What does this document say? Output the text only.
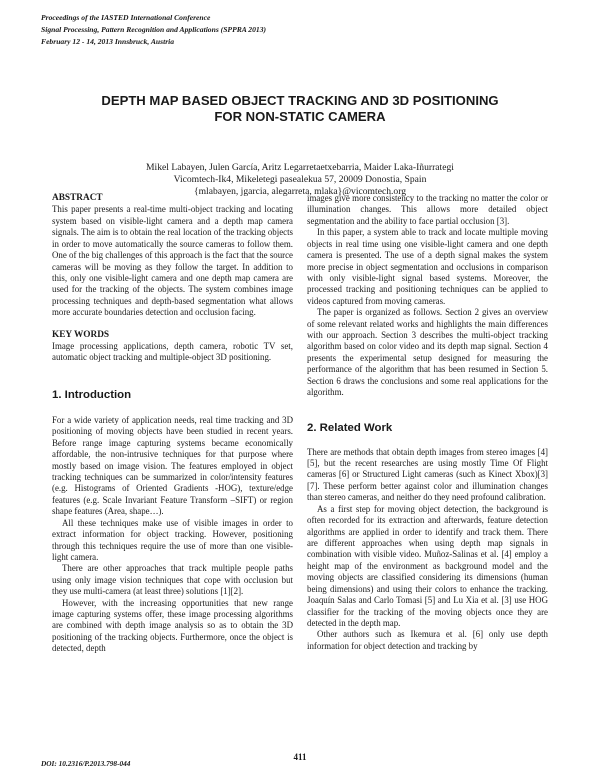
Proceedings of the IASTED International Conference
Signal Processing, Pattern Recognition and Applications (SPPRA 2013)
February 12 - 14, 2013 Innsbruck, Austria
DEPTH MAP BASED OBJECT TRACKING AND 3D POSITIONING
FOR NON-STATIC CAMERA
Mikel Labayen, Julen García, Aritz Legarretaetxebarria, Maider Laka-Iñurrategi
Vicomtech-Ik4, Mikeletegi pasealekua 57, 20009 Donostia, Spain
{mlabayen, jgarcia, alegarreta, mlaka}@vicomtech.org

ABSTRACT

This paper presents a real-time multi-object tracking and locating system based on visible-light camera and a depth map camera signals. The aim is to obtain the real location of the tracking objects in order to move automatically the source cameras to follow them. One of the big challenges of this approach is the fact that the source cameras will be moving as they follow the target. In addition to this, only one visible-light camera and one depth map camera are used for the tracking of the objects. The system combines image processing techniques and depth-based segmentation what allows more accurate boundaries detection and occlusion facing.

KEY WORDS

Image processing applications, depth camera, robotic TV set, automatic object tracking and multiple-object 3D positioning.

1. Introduction

For a wide variety of application needs, real time tracking and 3D positioning of moving objects have been studied in recent years. Before range image capturing systems became economically affordable, the non-intrusive techniques for that purpose where mostly based on image vision. The features employed in object tracking techniques can be summarized in color/intensity features (e.g. Histograms of Oriented Gradients -HOG), texture/edge features (e.g. Scale Invariant Feature Transform –SIFT) or region shape features (Area, shape…).

All these techniques make use of visible images in order to extract information for object tracking. However, positioning through this techniques require the use of more than one visible-light camera.

There are other approaches that track multiple people paths using only image vision techniques that cope with occlusion but they use multi-camera (at least three) solutions [1][2].

However, with the increasing opportunities that new range image capturing systems offer, these image processing algorithms are combined with depth image analysis so as to obtain the 3D positioning of the tracking objects. Furthermore, once the object is detected, depth

images give more consistency to the tracking no matter the color or illumination changes. This allows more detailed object segmentation and the ability to face partial occlusion [3].

In this paper, a system able to track and locate multiple moving objects in real time using one visible-light camera and one depth camera is presented. The use of a depth signal makes the system more precise in object segmentation and occlusions in comparison with only visible-light signal based systems. Moreover, the processed tracking and positioning techniques can be applied to videos captured from moving cameras.

The paper is organized as follows. Section 2 gives an overview of some relevant related works and highlights the main differences with our approach. Section 3 describes the multi-object tracking algorithm based on color video and its depth map signal. Section 4 presents the experimental setup designed for measuring the performance of the algorithm that has been resumed in Section 5. Section 6 draws the conclusions and some real applications for the algorithm.

2. Related Work

There are methods that obtain depth images from stereo images [4][5], but the recent researches are using mostly Time Of Flight cameras [6] or Structured Light cameras (such as Kinect Xbox)[3][7]. These perform better against color and illumination changes than stereo cameras, and neither do they need profound calibration.

As a first step for moving object detection, the background is often recorded for its extraction and afterwards, feature detection algorithms are applied in order to identify and track them. There are different approaches when using depth map signals in combination with visible video. Muñoz-Salinas et al. [4] employ a height map of the environment as background model and the moving objects are classified considering its dimensions (human being dimensions) and using their colors to enhance the tracking. Joaquín Salas and Carlo Tomasi [5] and Lu Xia et al. [3] use HOG classifier for the tracking of the moving objects once they are detected in the depth map.

Other authors such as Ikemura et al. [6] only use depth information for object detection and tracking by

DOI: 10.2316/P.2013.798-044
411
